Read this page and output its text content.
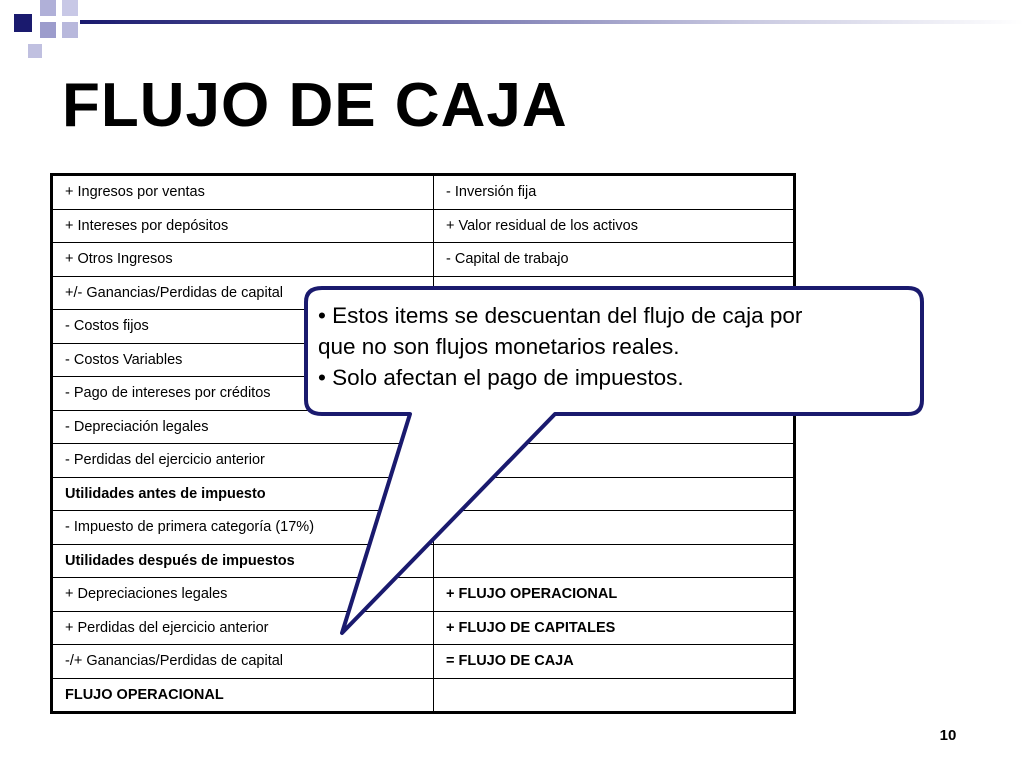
FLUJO DE CAJA
+ Ingresos por ventas	- Inversión fija
+ Intereses por depósitos	+ Valor residual de los activos
+ Otros Ingresos	- Capital de trabajo
+/- Ganancias/Perdidas de capital	
- Costos fijos	
- Costos Variables	
- Pago de intereses por créditos	
- Depreciación legales	
- Perdidas del ejercicio anterior	
Utilidades antes de impuesto	
- Impuesto de primera categoría (17%)	
Utilidades después de impuestos	
+ Depreciaciones legales	+ FLUJO OPERACIONAL
+ Perdidas del ejercicio anterior	+ FLUJO DE CAPITALES
-/+ Ganancias/Perdidas de capital	= FLUJO DE CAJA
FLUJO OPERACIONAL	
• Estos items se descuentan del flujo de caja por
que no son flujos monetarios reales.
• Solo afectan el pago de impuestos.
10
